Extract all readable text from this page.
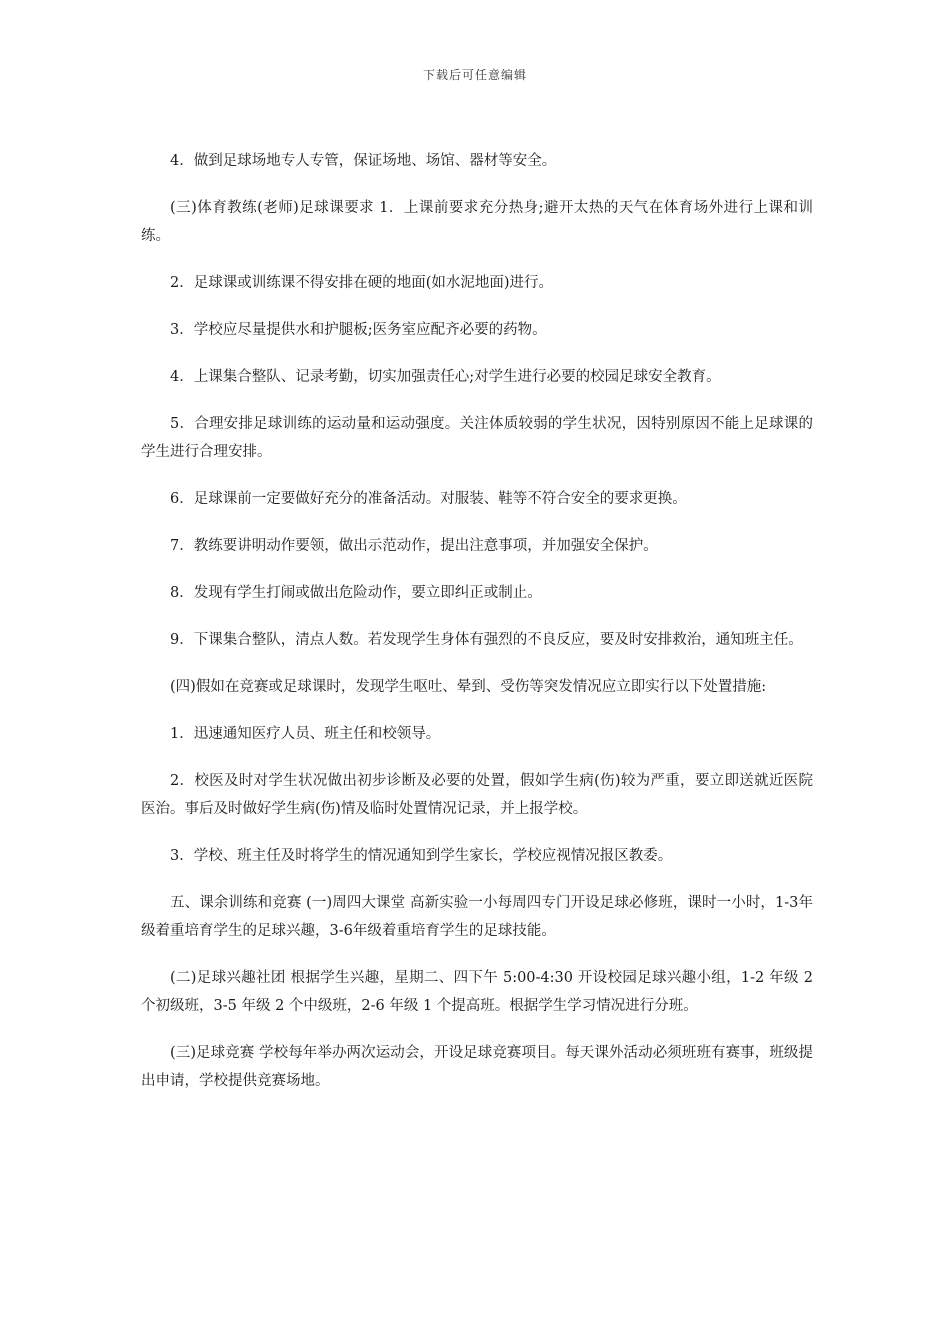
下载后可任意编辑

4．做到足球场地专人专管，保证场地、场馆、器材等安全。

(三)体育教练(老师)足球课要求 1．上课前要求充分热身;避开太热的天气在体育场外进行上课和训练。

2．足球课或训练课不得安排在硬的地面(如水泥地面)进行。

3．学校应尽量提供水和护腿板;医务室应配齐必要的药物。

4．上课集合整队、记录考勤，切实加强责任心;对学生进行必要的校园足球安全教育。

5．合理安排足球训练的运动量和运动强度。关注体质较弱的学生状况，因特别原因不能上足球课的学生进行合理安排。

6．足球课前一定要做好充分的准备活动。对服装、鞋等不符合安全的要求更换。

7．教练要讲明动作要领，做出示范动作，提出注意事项，并加强安全保护。

8．发现有学生打闹或做出危险动作，要立即纠正或制止。

9．下课集合整队，清点人数。若发现学生身体有强烈的不良反应，要及时安排救治，通知班主任。

(四)假如在竞赛或足球课时，发现学生呕吐、晕到、受伤等突发情况应立即实行以下处置措施:

1．迅速通知医疗人员、班主任和校领导。

2．校医及时对学生状况做出初步诊断及必要的处置，假如学生病(伤)较为严重，要立即送就近医院医治。事后及时做好学生病(伤)情及临时处置情况记录，并上报学校。

3．学校、班主任及时将学生的情况通知到学生家长，学校应视情况报区教委。

五、课余训练和竞赛 (一)周四大课堂 高新实验一小每周四专门开设足球必修班，课时一小时，1-3年级着重培育学生的足球兴趣，3-6年级着重培育学生的足球技能。

(二)足球兴趣社团 根据学生兴趣，星期二、四下午 5:00-4:30 开设校园足球兴趣小组，1-2 年级 2 个初级班，3-5 年级 2 个中级班，2-6 年级 1 个提高班。根据学生学习情况进行分班。

(三)足球竞赛 学校每年举办两次运动会，开设足球竞赛项目。每天课外活动必须班班有赛事，班级提出申请，学校提供竞赛场地。
